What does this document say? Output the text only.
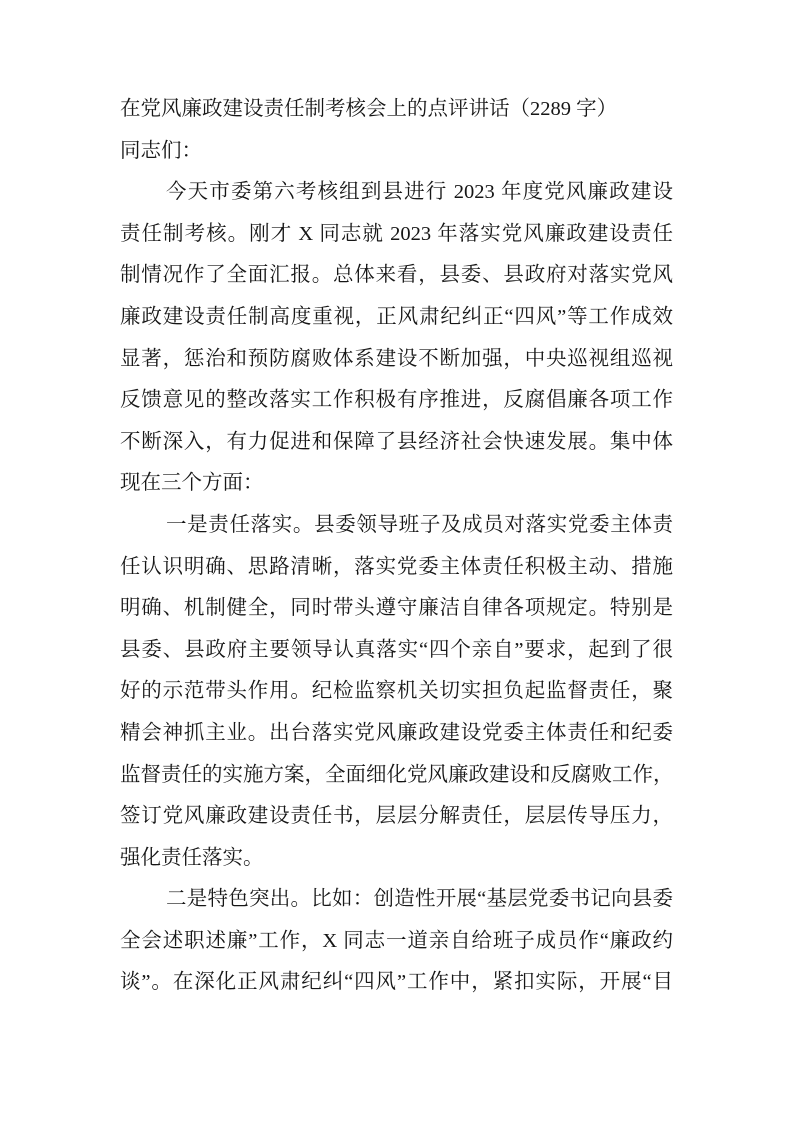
在党风廉政建设责任制考核会上的点评讲话（2289 字）
同志们：
今天市委第六考核组到县进行 2023 年度党风廉政建设
责任制考核。刚才 X 同志就 2023 年落实党风廉政建设责任
制情况作了全面汇报。总体来看，县委、县政府对落实党风
廉政建设责任制高度重视，正风肃纪纠正“四风”等工作成效
显著，惩治和预防腐败体系建设不断加强，中央巡视组巡视
反馈意见的整改落实工作积极有序推进，反腐倡廉各项工作
不断深入，有力促进和保障了县经济社会快速发展。集中体
现在三个方面：
一是责任落实。县委领导班子及成员对落实党委主体责
任认识明确、思路清晰，落实党委主体责任积极主动、措施
明确、机制健全，同时带头遵守廉洁自律各项规定。特别是
县委、县政府主要领导认真落实“四个亲自”要求，起到了很
好的示范带头作用。纪检监察机关切实担负起监督责任，聚
精会神抓主业。出台落实党风廉政建设党委主体责任和纪委
监督责任的实施方案，全面细化党风廉政建设和反腐败工作，
签订党风廉政建设责任书，层层分解责任，层层传导压力，
强化责任落实。
二是特色突出。比如：创造性开展“基层党委书记向县委
全会述职述廉”工作，X 同志一道亲自给班子成员作“廉政约
谈”。在深化正风肃纪纠“四风”工作中，紧扣实际，开展“目
